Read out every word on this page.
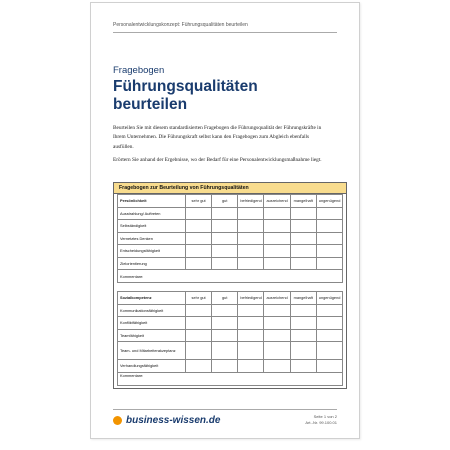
Personalentwicklungskonzept: Führungsqualitäten beurteilen
Fragebogen
Führungsqualitäten
beurteilen

Beurteilen Sie mit diesem standardisierten Fragebogen die Führungsqualität der Führungskräfte in Ihrem Unternehmen. Die Führungskraft selbst kann den Fragebogen zum Abgleich ebenfalls ausfüllen.

Erörtern Sie anhand der Ergebnisse, wo der Bedarf für eine Personalentwicklungsmaßnahme liegt.

Fragebogen zur Beurteilung von Führungsqualitäten
Persönlichkeit	sehr gut	gut	befriedigend	ausreichend	mangelhaft	ungenügend
Ausstrahlung/ Auftreten						
Selbständigkeit						
Vernetztes Denken						
Entscheidungsfähigkeit						
Zielorientierung						
Kommentare:						
Sozialkompetenz	sehr gut	gut	befriedigend	ausreichend	mangelhaft	ungenügend
Kommunikationsfähigkeit						
Konfliktfähigkeit						
Teamfähigkeit						
Team- und Mitarbeiterakzeptanz						
Verhandlungsfähigkeit						
Kommentare:						
business-wissen.de	Seite 1 von 2
Art.-Nr. 99.100.01
